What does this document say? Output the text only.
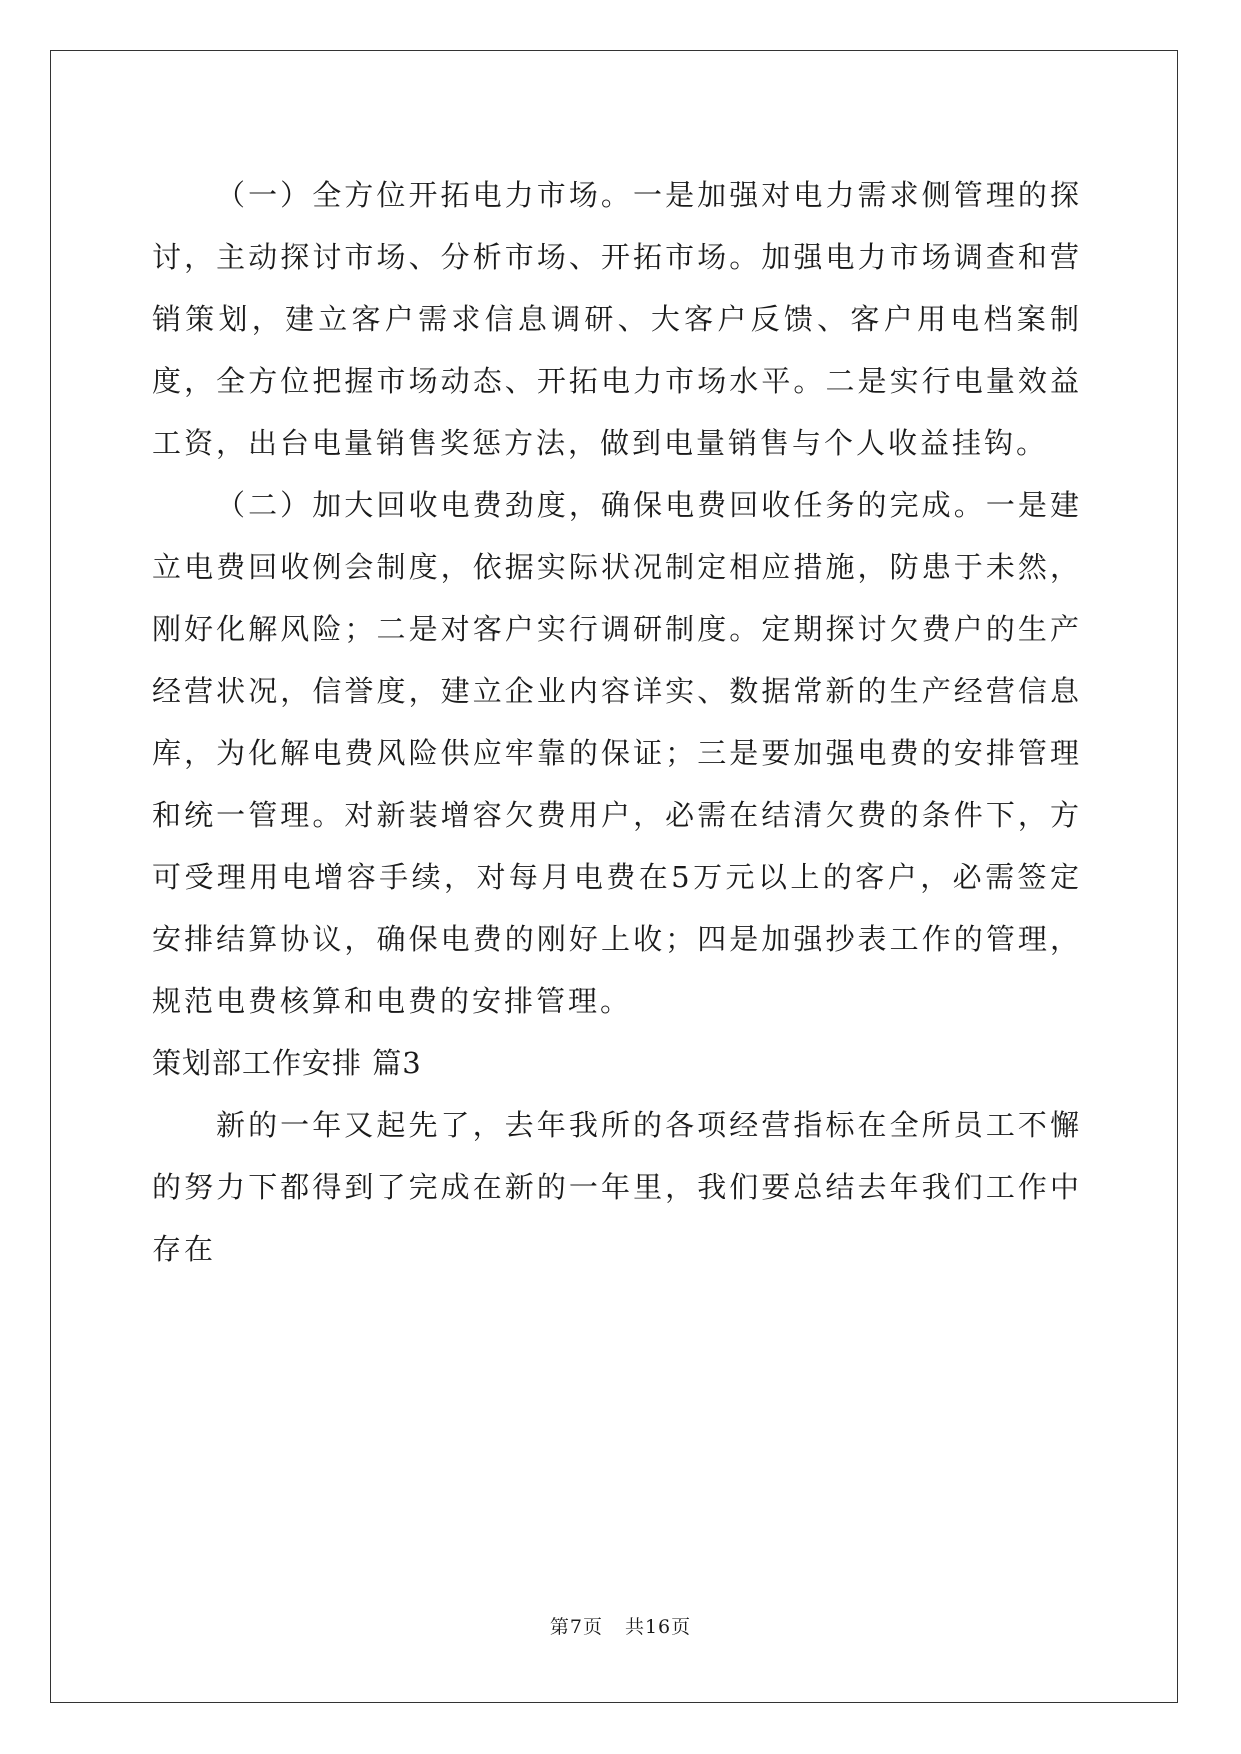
（一）全方位开拓电力市场。一是加强对电力需求侧管理的探讨，主动探讨市场、分析市场、开拓市场。加强电力市场调查和营销策划，建立客户需求信息调研、大客户反馈、客户用电档案制度，全方位把握市场动态、开拓电力市场水平。二是实行电量效益工资，出台电量销售奖惩方法，做到电量销售与个人收益挂钩。

（二）加大回收电费劲度，确保电费回收任务的完成。一是建立电费回收例会制度，依据实际状况制定相应措施，防患于未然，刚好化解风险；二是对客户实行调研制度。定期探讨欠费户的生产经营状况，信誉度，建立企业内容详实、数据常新的生产经营信息库，为化解电费风险供应牢靠的保证；三是要加强电费的安排管理和统一管理。对新装增容欠费用户，必需在结清欠费的条件下，方可受理用电增容手续，对每月电费在5万元以上的客户，必需签定安排结算协议，确保电费的刚好上收；四是加强抄表工作的管理，规范电费核算和电费的安排管理。

策划部工作安排 篇3

新的一年又起先了，去年我所的各项经营指标在全所员工不懈的努力下都得到了完成在新的一年里，我们要总结去年我们工作中存在

第7页 共16页
